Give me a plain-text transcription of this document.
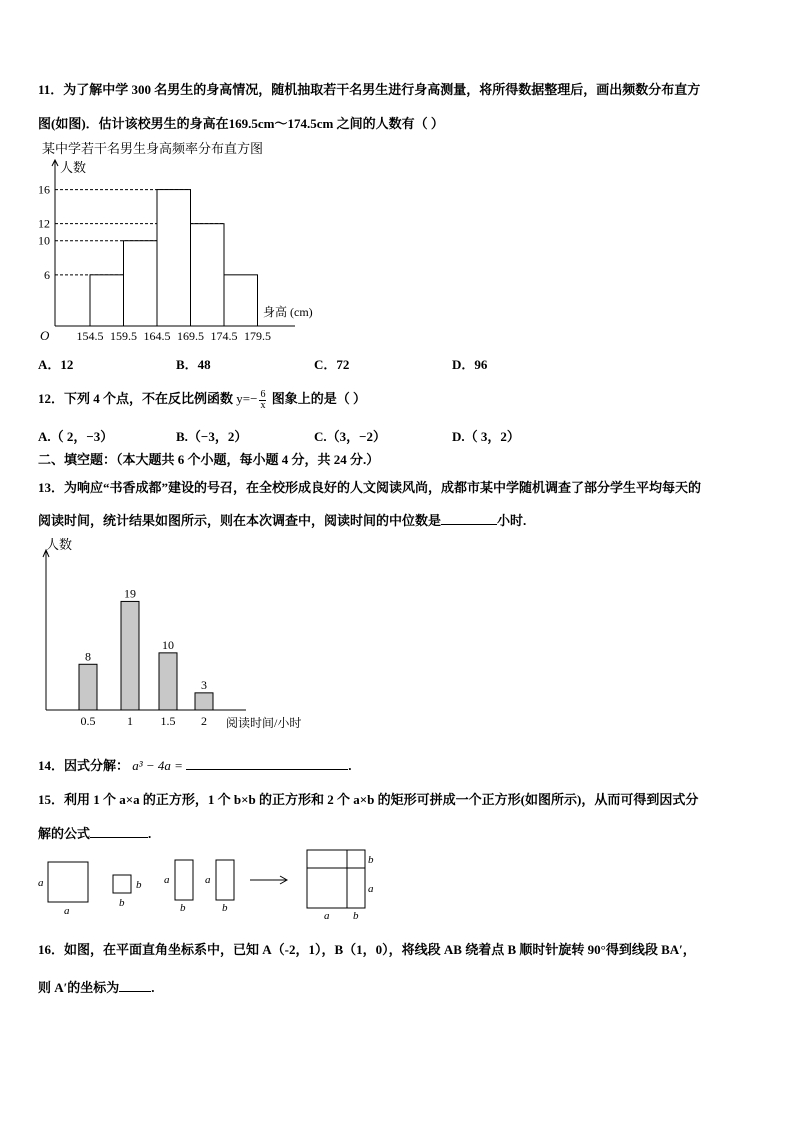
11．为了解中学 300 名男生的身高情况，随机抽取若干名男生进行身高测量，将所得数据整理后，画出频数分布直方
图(如图)．估计该校男生的身高在169.5cm～174.5cm 之间的人数有（ ）
某中学若干名男生身高频率分布直方图
人数
身高 (cm)
O
6
10
12
16
154.5 159.5 164.5 169.5 174.5 179.5
A．12	B．48	C．72	D．96
12．下列 4 个点，不在反比例函数 $y=- \frac{6}{x}$ 图象上的是（ ）
A.（ 2，−3）	B.（−3，2）	C.（3，−2）	D.（ 3，2）
二、填空题：（本大题共 6 个小题，每小题 4 分，共 24 分.）
13．为响应“书香成都”建设的号召，在全校形成良好的人文阅读风尚，成都市某中学随机调查了部分学生平均每天的
阅读时间，统计结果如图所示，则在本次调查中，阅读时间的中位数是	小时.
人数
阅读时间/小时
8
0.5
19
1
10
1.5
3
2
14．因式分解： a³ − 4a =	.
15．利用 1 个 a×a 的正方形，1 个 b×b 的正方形和 2 个 a×b 的矩形可拼成一个正方形(如图所示)，从而可得到因式分
解的公式	.
a
a
b
b
a
b
a
b
b
a
a b
16．如图，在平面直角坐标系中，已知 A（-2，1），B（1，0），将线段 AB 绕着点 B 顺时针旋转 90°得到线段 BA′，
则 A′的坐标为 .
